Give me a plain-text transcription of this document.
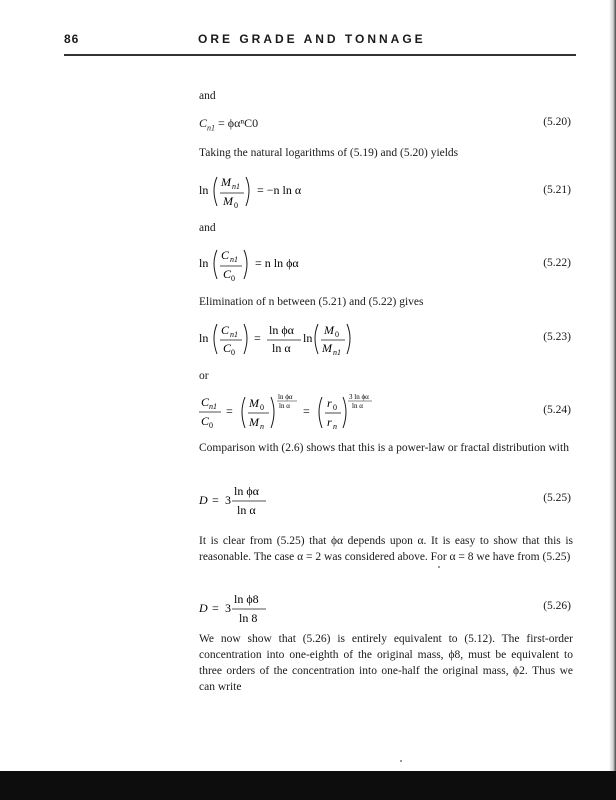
86	ORE GRADE AND TONNAGE
and
$C_{n1} = \phi\alpha^nC0$	(5.20)
Taking the natural logarithms of (5.19) and (5.20) yields
ln
M n1
M 0
= −n ln α	(5.21)
and
ln
C n1
C 0
= n ln ϕα	(5.22)
Elimination of n between (5.21) and (5.22) gives
ln
C n1
C 0
=
ln ϕα
ln α
ln
M 0
M n1
(5.23)
or
C n1
C 0
=
M 0
M n
ln ϕα
ln α =
r 0
r n
3 ln ϕα
ln α	(5.24)
Comparison with (2.6) shows that this is a power-law or fractal distribution with
D = 3
ln ϕα
ln α
(5.25)
It is clear from (5.25) that ϕα depends upon α. It is easy to show that this is reasonable. The case α = 2 was considered above. For α = 8 we have from (5.25)
D = 3
ln ϕ8
ln 8
(5.26)
We now show that (5.26) is entirely equivalent to (5.12). The first-order concentration into one-eighth of the original mass, ϕ8, must be equivalent to three orders of the concentration into one-half the original mass, ϕ2. Thus we can write
